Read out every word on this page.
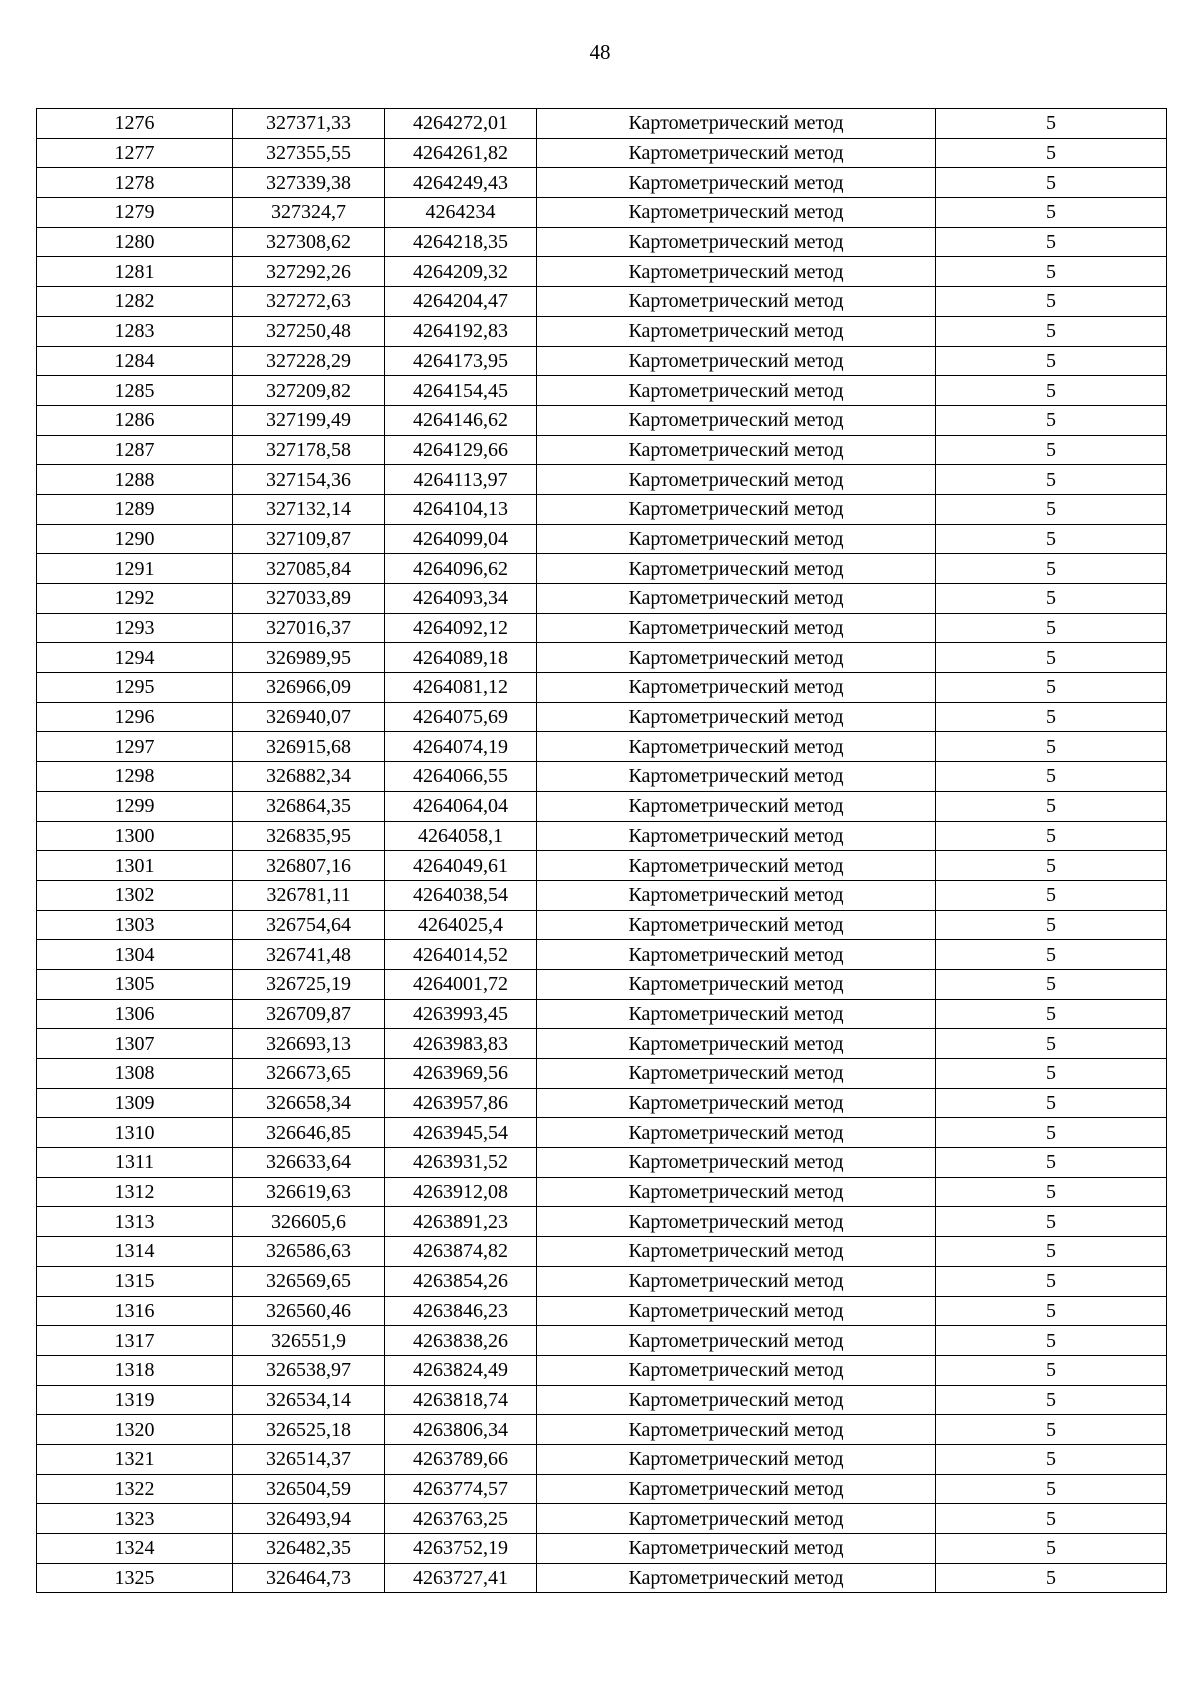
48
1276	327371,33	4264272,01	Картометрический метод	5
1277	327355,55	4264261,82	Картометрический метод	5
1278	327339,38	4264249,43	Картометрический метод	5
1279	327324,7	4264234	Картометрический метод	5
1280	327308,62	4264218,35	Картометрический метод	5
1281	327292,26	4264209,32	Картометрический метод	5
1282	327272,63	4264204,47	Картометрический метод	5
1283	327250,48	4264192,83	Картометрический метод	5
1284	327228,29	4264173,95	Картометрический метод	5
1285	327209,82	4264154,45	Картометрический метод	5
1286	327199,49	4264146,62	Картометрический метод	5
1287	327178,58	4264129,66	Картометрический метод	5
1288	327154,36	4264113,97	Картометрический метод	5
1289	327132,14	4264104,13	Картометрический метод	5
1290	327109,87	4264099,04	Картометрический метод	5
1291	327085,84	4264096,62	Картометрический метод	5
1292	327033,89	4264093,34	Картометрический метод	5
1293	327016,37	4264092,12	Картометрический метод	5
1294	326989,95	4264089,18	Картометрический метод	5
1295	326966,09	4264081,12	Картометрический метод	5
1296	326940,07	4264075,69	Картометрический метод	5
1297	326915,68	4264074,19	Картометрический метод	5
1298	326882,34	4264066,55	Картометрический метод	5
1299	326864,35	4264064,04	Картометрический метод	5
1300	326835,95	4264058,1	Картометрический метод	5
1301	326807,16	4264049,61	Картометрический метод	5
1302	326781,11	4264038,54	Картометрический метод	5
1303	326754,64	4264025,4	Картометрический метод	5
1304	326741,48	4264014,52	Картометрический метод	5
1305	326725,19	4264001,72	Картометрический метод	5
1306	326709,87	4263993,45	Картометрический метод	5
1307	326693,13	4263983,83	Картометрический метод	5
1308	326673,65	4263969,56	Картометрический метод	5
1309	326658,34	4263957,86	Картометрический метод	5
1310	326646,85	4263945,54	Картометрический метод	5
1311	326633,64	4263931,52	Картометрический метод	5
1312	326619,63	4263912,08	Картометрический метод	5
1313	326605,6	4263891,23	Картометрический метод	5
1314	326586,63	4263874,82	Картометрический метод	5
1315	326569,65	4263854,26	Картометрический метод	5
1316	326560,46	4263846,23	Картометрический метод	5
1317	326551,9	4263838,26	Картометрический метод	5
1318	326538,97	4263824,49	Картометрический метод	5
1319	326534,14	4263818,74	Картометрический метод	5
1320	326525,18	4263806,34	Картометрический метод	5
1321	326514,37	4263789,66	Картометрический метод	5
1322	326504,59	4263774,57	Картометрический метод	5
1323	326493,94	4263763,25	Картометрический метод	5
1324	326482,35	4263752,19	Картометрический метод	5
1325	326464,73	4263727,41	Картометрический метод	5
